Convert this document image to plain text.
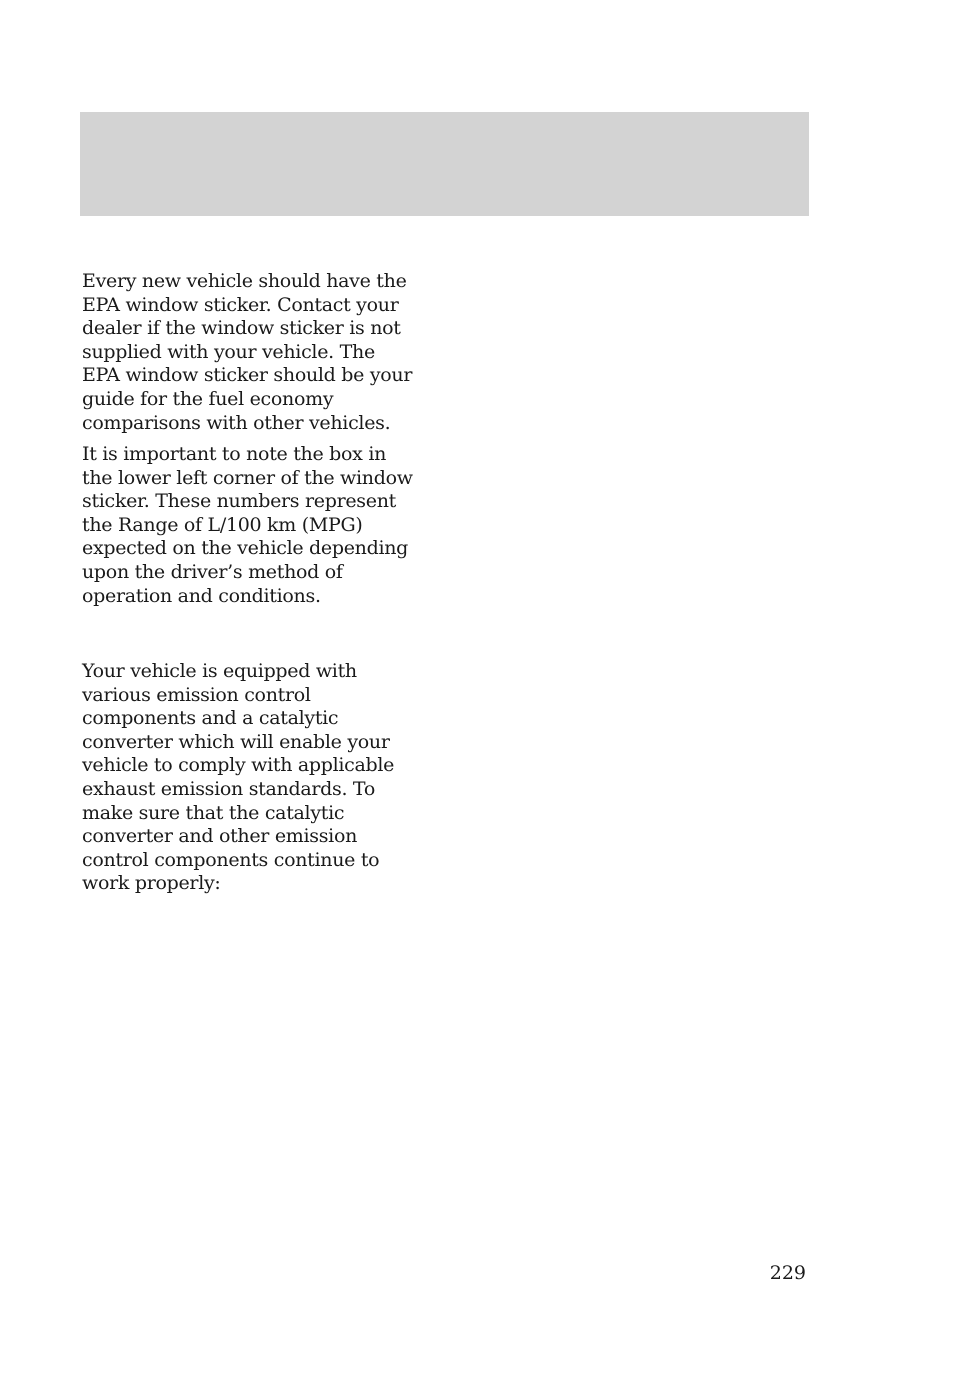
Every new vehicle should have the
EPA window sticker. Contact your
dealer if the window sticker is not
supplied with your vehicle. The
EPA window sticker should be your
guide for the fuel economy
comparisons with other vehicles.

It is important to note the box in
the lower left corner of the window
sticker. These numbers represent
the Range of L/100 km (MPG)
expected on the vehicle depending
upon the driver’s method of
operation and conditions.

Your vehicle is equipped with
various emission control
components and a catalytic
converter which will enable your
vehicle to comply with applicable
exhaust emission standards. To
make sure that the catalytic
converter and other emission
control components continue to
work properly:

229
